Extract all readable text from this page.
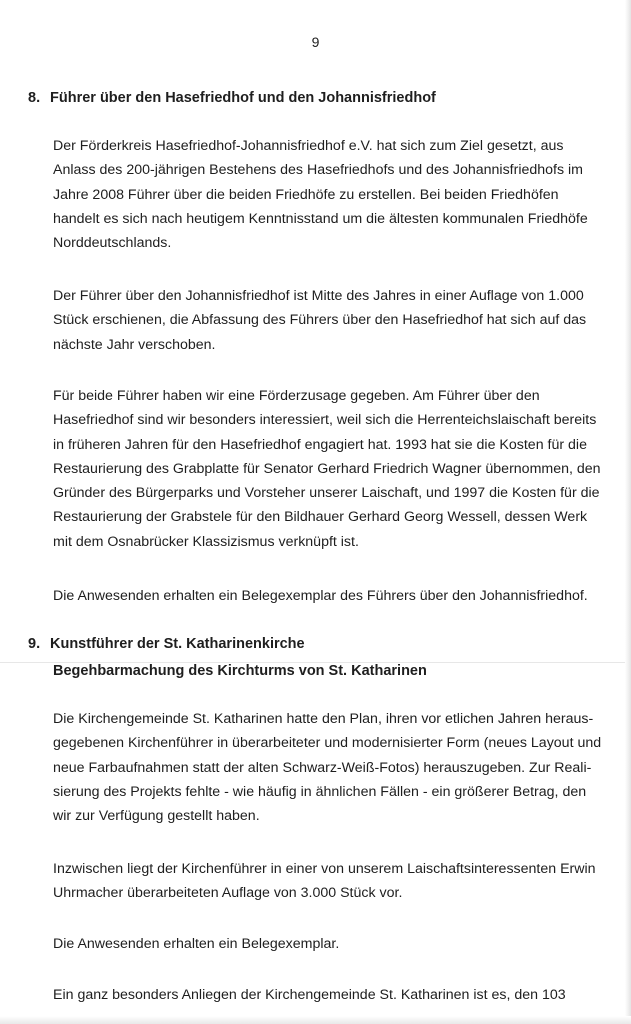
9
8. Führer über den Hasefriedhof und den Johannisfriedhof
Der Förderkreis Hasefriedhof-Johannisfriedhof e.V. hat sich zum Ziel gesetzt, aus
Anlass des 200-jährigen Bestehens des Hasefriedhofs und des Johannisfriedhofs im
Jahre 2008 Führer über die beiden Friedhöfe zu erstellen. Bei beiden Friedhöfen
handelt es sich nach heutigem Kenntnisstand um die ältesten kommunalen Friedhöfe
Norddeutschlands.
Der Führer über den Johannisfriedhof ist Mitte des Jahres in einer Auflage von 1.000
Stück erschienen, die Abfassung des Führers über den Hasefriedhof hat sich auf das
nächste Jahr verschoben.
Für beide Führer haben wir eine Förderzusage gegeben. Am Führer über den
Hasefriedhof sind wir besonders interessiert, weil sich die Herrenteichslaischaft bereits
in früheren Jahren für den Hasefriedhof engagiert hat. 1993 hat sie die Kosten für die
Restaurierung des Grabplatte für Senator Gerhard Friedrich Wagner übernommen, den
Gründer des Bürgerparks und Vorsteher unserer Laischaft, und 1997 die Kosten für die
Restaurierung der Grabstele für den Bildhauer Gerhard Georg Wessell, dessen Werk
mit dem Osnabrücker Klassizismus verknüpft ist.
Die Anwesenden erhalten ein Belegexemplar des Führers über den Johannisfriedhof.
9. Kunstführer der St. Katharinenkirche
Begehbarmachung des Kirchturms von St. Katharinen
Die Kirchengemeinde St. Katharinen hatte den Plan, ihren vor etlichen Jahren heraus-
gegebenen Kirchenführer in überarbeiteter und modernisierter Form (neues Layout und
neue Farbaufnahmen statt der alten Schwarz-Weiß-Fotos) herauszugeben. Zur Reali-
sierung des Projekts fehlte - wie häufig in ähnlichen Fällen - ein größerer Betrag, den
wir zur Verfügung gestellt haben.
Inzwischen liegt der Kirchenführer in einer von unserem Laischaftsinteressenten Erwin
Uhrmacher überarbeiteten Auflage von 3.000 Stück vor.
Die Anwesenden erhalten ein Belegexemplar.
Ein ganz besonders Anliegen der Kirchengemeinde St. Katharinen ist es, den 103
